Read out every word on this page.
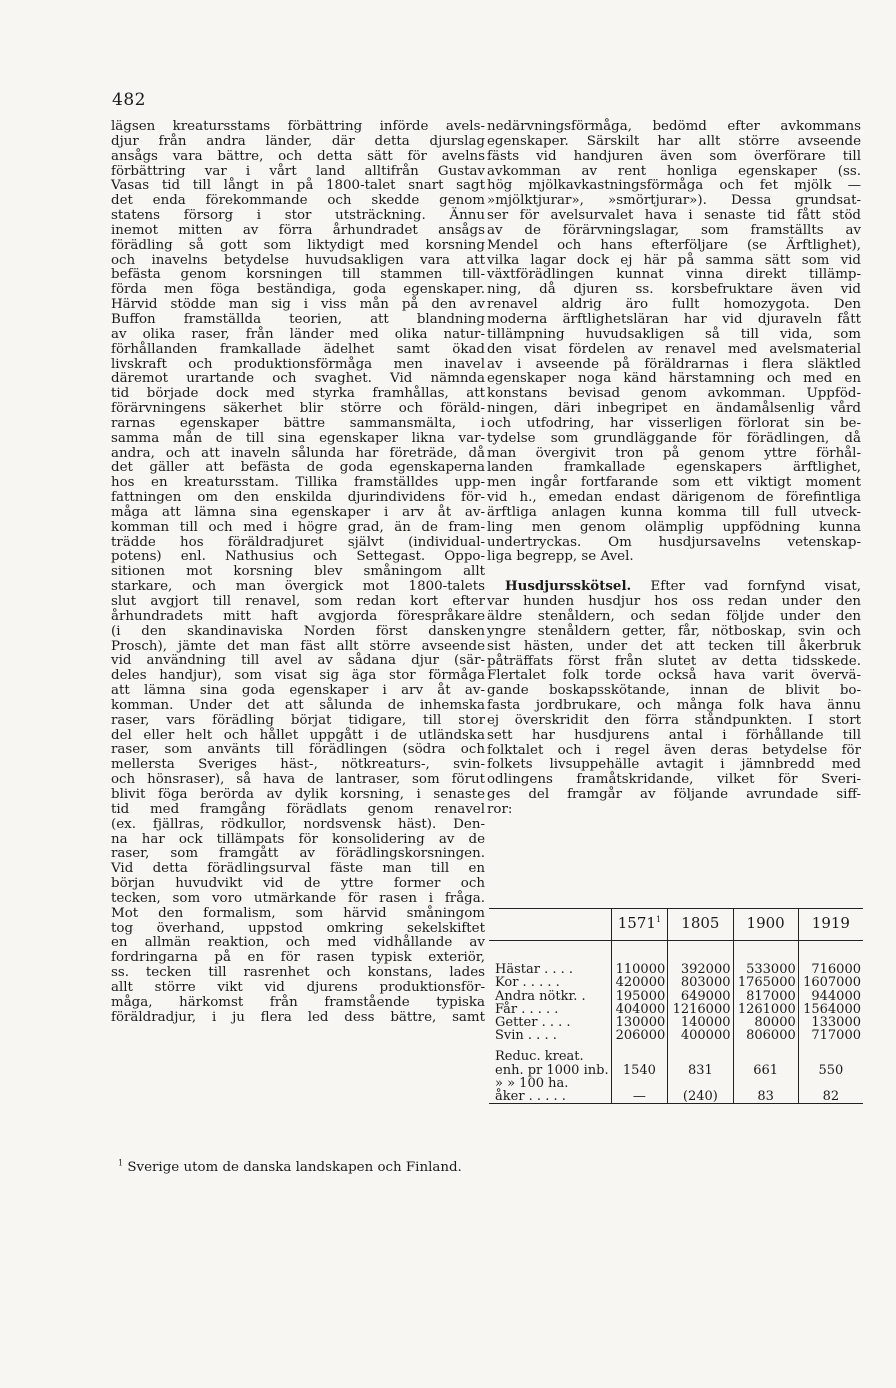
482
lägsen kreatursstams förbättring införde avels-
djur från andra länder, där detta djurslag
ansågs vara bättre, och detta sätt för avelns
förbättring var i vårt land alltifrån Gustav
Vasas tid till långt in på 1800-talet snart sagt
det enda förekommande och skedde genom
statens försorg i stor utsträckning. Ännu
inemot mitten av förra århundradet ansågs
förädling så gott som liktydigt med korsning
och inavelns betydelse huvudsakligen vara att
befästa genom korsningen till stammen till-
förda men föga beständiga, goda egenskaper.
Härvid stödde man sig i viss mån på den av
Buffon framställda teorien, att blandning
av olika raser, från länder med olika natur-
förhållanden framkallade ädelhet samt ökad
livskraft och produktionsförmåga men inavel
däremot urartande och svaghet. Vid nämnda
tid började dock med styrka framhållas, att
förärvningens säkerhet blir större och föräld-
rarnas egenskaper bättre sammansmälta, i
samma mån de till sina egenskaper likna var-
andra, och att inaveln sålunda har företräde, då
det gäller att befästa de goda egenskaperna
hos en kreatursstam. Tillika framställdes upp-
fattningen om den enskilda djurindividens för-
måga att lämna sina egenskaper i arv åt av-
komman till och med i högre grad, än de fram-
trädde hos föräldradjuret självt (individual-
potens) enl. Nathusius och Settegast. Oppo-
sitionen mot korsning blev småningom allt
starkare, och man övergick mot 1800-talets
slut avgjort till renavel, som redan kort efter
århundradets mitt haft avgjorda förespråkare
(i den skandinaviska Norden först dansken
Prosch), jämte det man fäst allt större avseende
vid användning till avel av sådana djur (sär-
deles handjur), som visat sig äga stor förmåga
att lämna sina goda egenskaper i arv åt av-
komman. Under det att sålunda de inhemska
raser, vars förädling börjat tidigare, till stor
del eller helt och hållet uppgått i de utländska
raser, som använts till förädlingen (södra och
mellersta Sveriges häst-, nötkreaturs-, svin-
och hönsraser), så hava de lantraser, som förut
blivit föga berörda av dylik korsning, i senaste
tid med framgång förädlats genom renavel
(ex. fjällras, rödkullor, nordsvensk häst). Den-
na har ock tillämpats för konsolidering av de
raser, som framgått av förädlingskorsningen.
Vid detta förädlingsurval fäste man till en
början huvudvikt vid de yttre former och
tecken, som voro utmärkande för rasen i fråga.
Mot den formalism, som härvid småningom
tog överhand, uppstod omkring sekelskiftet
en allmän reaktion, och med vidhållande av
fordringarna på en för rasen typisk exteriör,
ss. tecken till rasrenhet och konstans, lades
allt större vikt vid djurens produktionsför-
måga, härkomst från framstående typiska
föräldradjur, i ju flera led dess bättre, samt
nedärvningsförmåga, bedömd efter avkommans
egenskaper. Särskilt har allt större avseende
fästs vid handjuren även som överförare till
avkomman av rent honliga egenskaper (ss.
hög mjölkavkastningsförmåga och fet mjölk —
»mjölktjurar», »smörtjurar»). Dessa grundsat-
ser för avelsurvalet hava i senaste tid fått stöd
av de förärvningslagar, som framställts av
Mendel och hans efterföljare (se Ärftlighet),
vilka lagar dock ej här på samma sätt som vid
växtförädlingen kunnat vinna direkt tillämp-
ning, då djuren ss. korsbefruktare även vid
renavel aldrig äro fullt homozygota. Den
moderna ärftlighetsläran har vid djuraveln fått
tillämpning huvudsakligen så till vida, som
den visat fördelen av renavel med avelsmaterial
av i avseende på föräldrarnas i flera släktled
egenskaper noga känd härstamning och med en
konstans bevisad genom avkomman. Uppföd-
ningen, däri inbegripet en ändamålsenlig vård
och utfodring, har visserligen förlorat sin be-
tydelse som grundläggande för förädlingen, då
man övergivit tron på genom yttre förhål-
landen framkallade egenskapers ärftlighet,
men ingår fortfarande som ett viktigt moment
vid h., emedan endast därigenom de förefintliga
ärftliga anlagen kunna komma till full utveck-
ling men genom olämplig uppfödning kunna
undertryckas. Om husdjursavelns vetenskap-
liga begrepp, se Avel.
Husdjursskötsel. Efter vad fornfynd visat,
var hunden husdjur hos oss redan under den
äldre stenåldern, och sedan följde under den
yngre stenåldern getter, får, nötboskap, svin och
sist hästen, under det att tecken till åkerbruk
påträffats först från slutet av detta tidsskede.
Flertalet folk torde också hava varit övervä-
gande boskapsskötande, innan de blivit bo-
fasta jordbrukare, och många folk hava ännu
ej överskridit den förra ståndpunkten. I stort
sett har husdjurens antal i förhållande till
folktalet och i regel även deras betydelse för
folkets livsuppehälle avtagit i jämnbredd med
odlingens framåtskridande, vilket för Sveri-
ges del framgår av följande avrundade siff-
ror:
	1571$^1$	1805	1900	1919
Hästar . . . .	110000	392000	533000	716000
Kor . . . . .	420000	803000	1765000	1607000
Andra nötkr. .	195000	649000	817000	944000
Får . . . . .	404000	1216000	1261000	1564000
Getter . . . .	130000	140000	80000	133000
Svin . . . .	206000	400000	806000	717000
Reduc. kreat.				
enh. pr 1000 inb.	1540	831	661	550
» » 100 ha.				
åker . . . . .	—	(240)	83	82
$^1$ Sverige utom de danska landskapen och Finland.
